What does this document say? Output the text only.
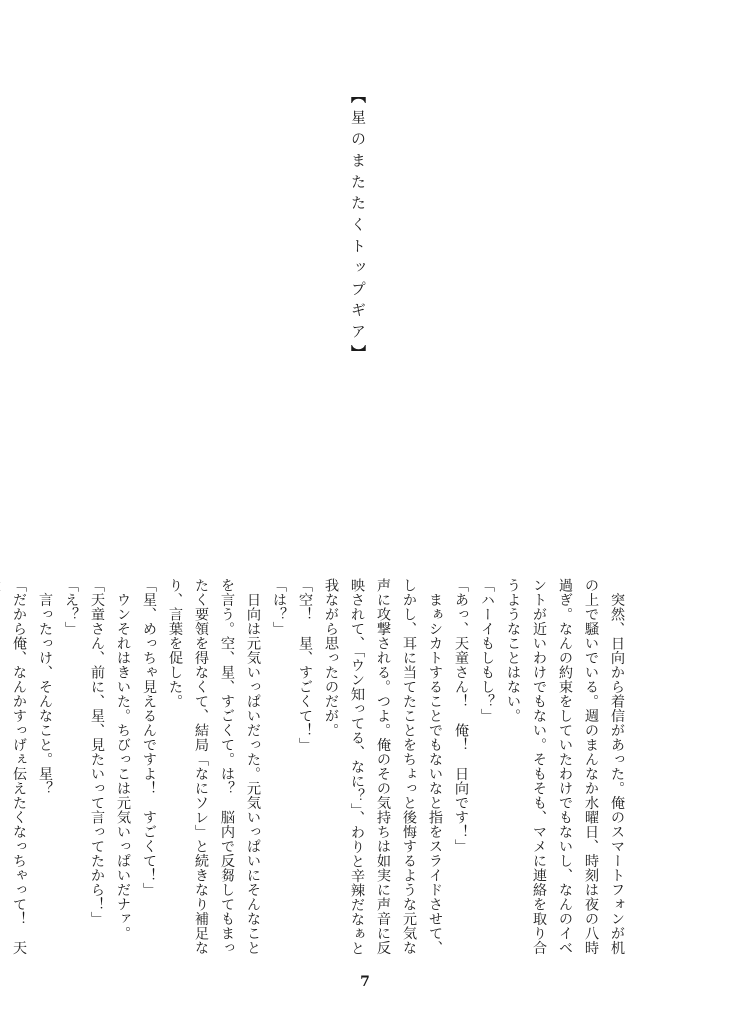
【星のまたたくトップギア】

　突然、日向から着信があった。俺のスマートフォンが机の上で騒いでいる。週のまんなか水曜日、時刻は夜の八時過ぎ。なんの約束をしていたわけでもないし、なんのイベントが近いわけでもない。そもそも、マメに連絡を取り合うようなことはない。

「ハーイもしもし？」

「あっ、天童さん！　俺！　日向です！」

　まぁシカトすることでもないなと指をスライドさせて、しかし、耳に当てたことをちょっと後悔するような元気な声に攻撃される。つよ。俺のその気持ちは如実に声音に反映されて、「ウン知ってる、なに？」、わりと辛辣だなぁと我ながら思ったのだが。

「空！　星、すごくて！」

「は？」

　日向は元気いっぱいだった。元気いっぱいにそんなことを言う。空、星、すごくて。は？　脳内で反芻してもまったく要領を得なくて、結局「なにソレ」と続きなり補足なり、言葉を促した。

「星、めっちゃ見えるんですよ！　すごくて！」

　ウンそれはきいた。ちびっこは元気いっぱいだナァ。

「天童さん、前に、星、見たいって言ってたから！」

「え？」

　言ったっけ、そんなこと。星？

「だから俺、なんかすっげぇ伝えたくなっちゃって！　天

7
